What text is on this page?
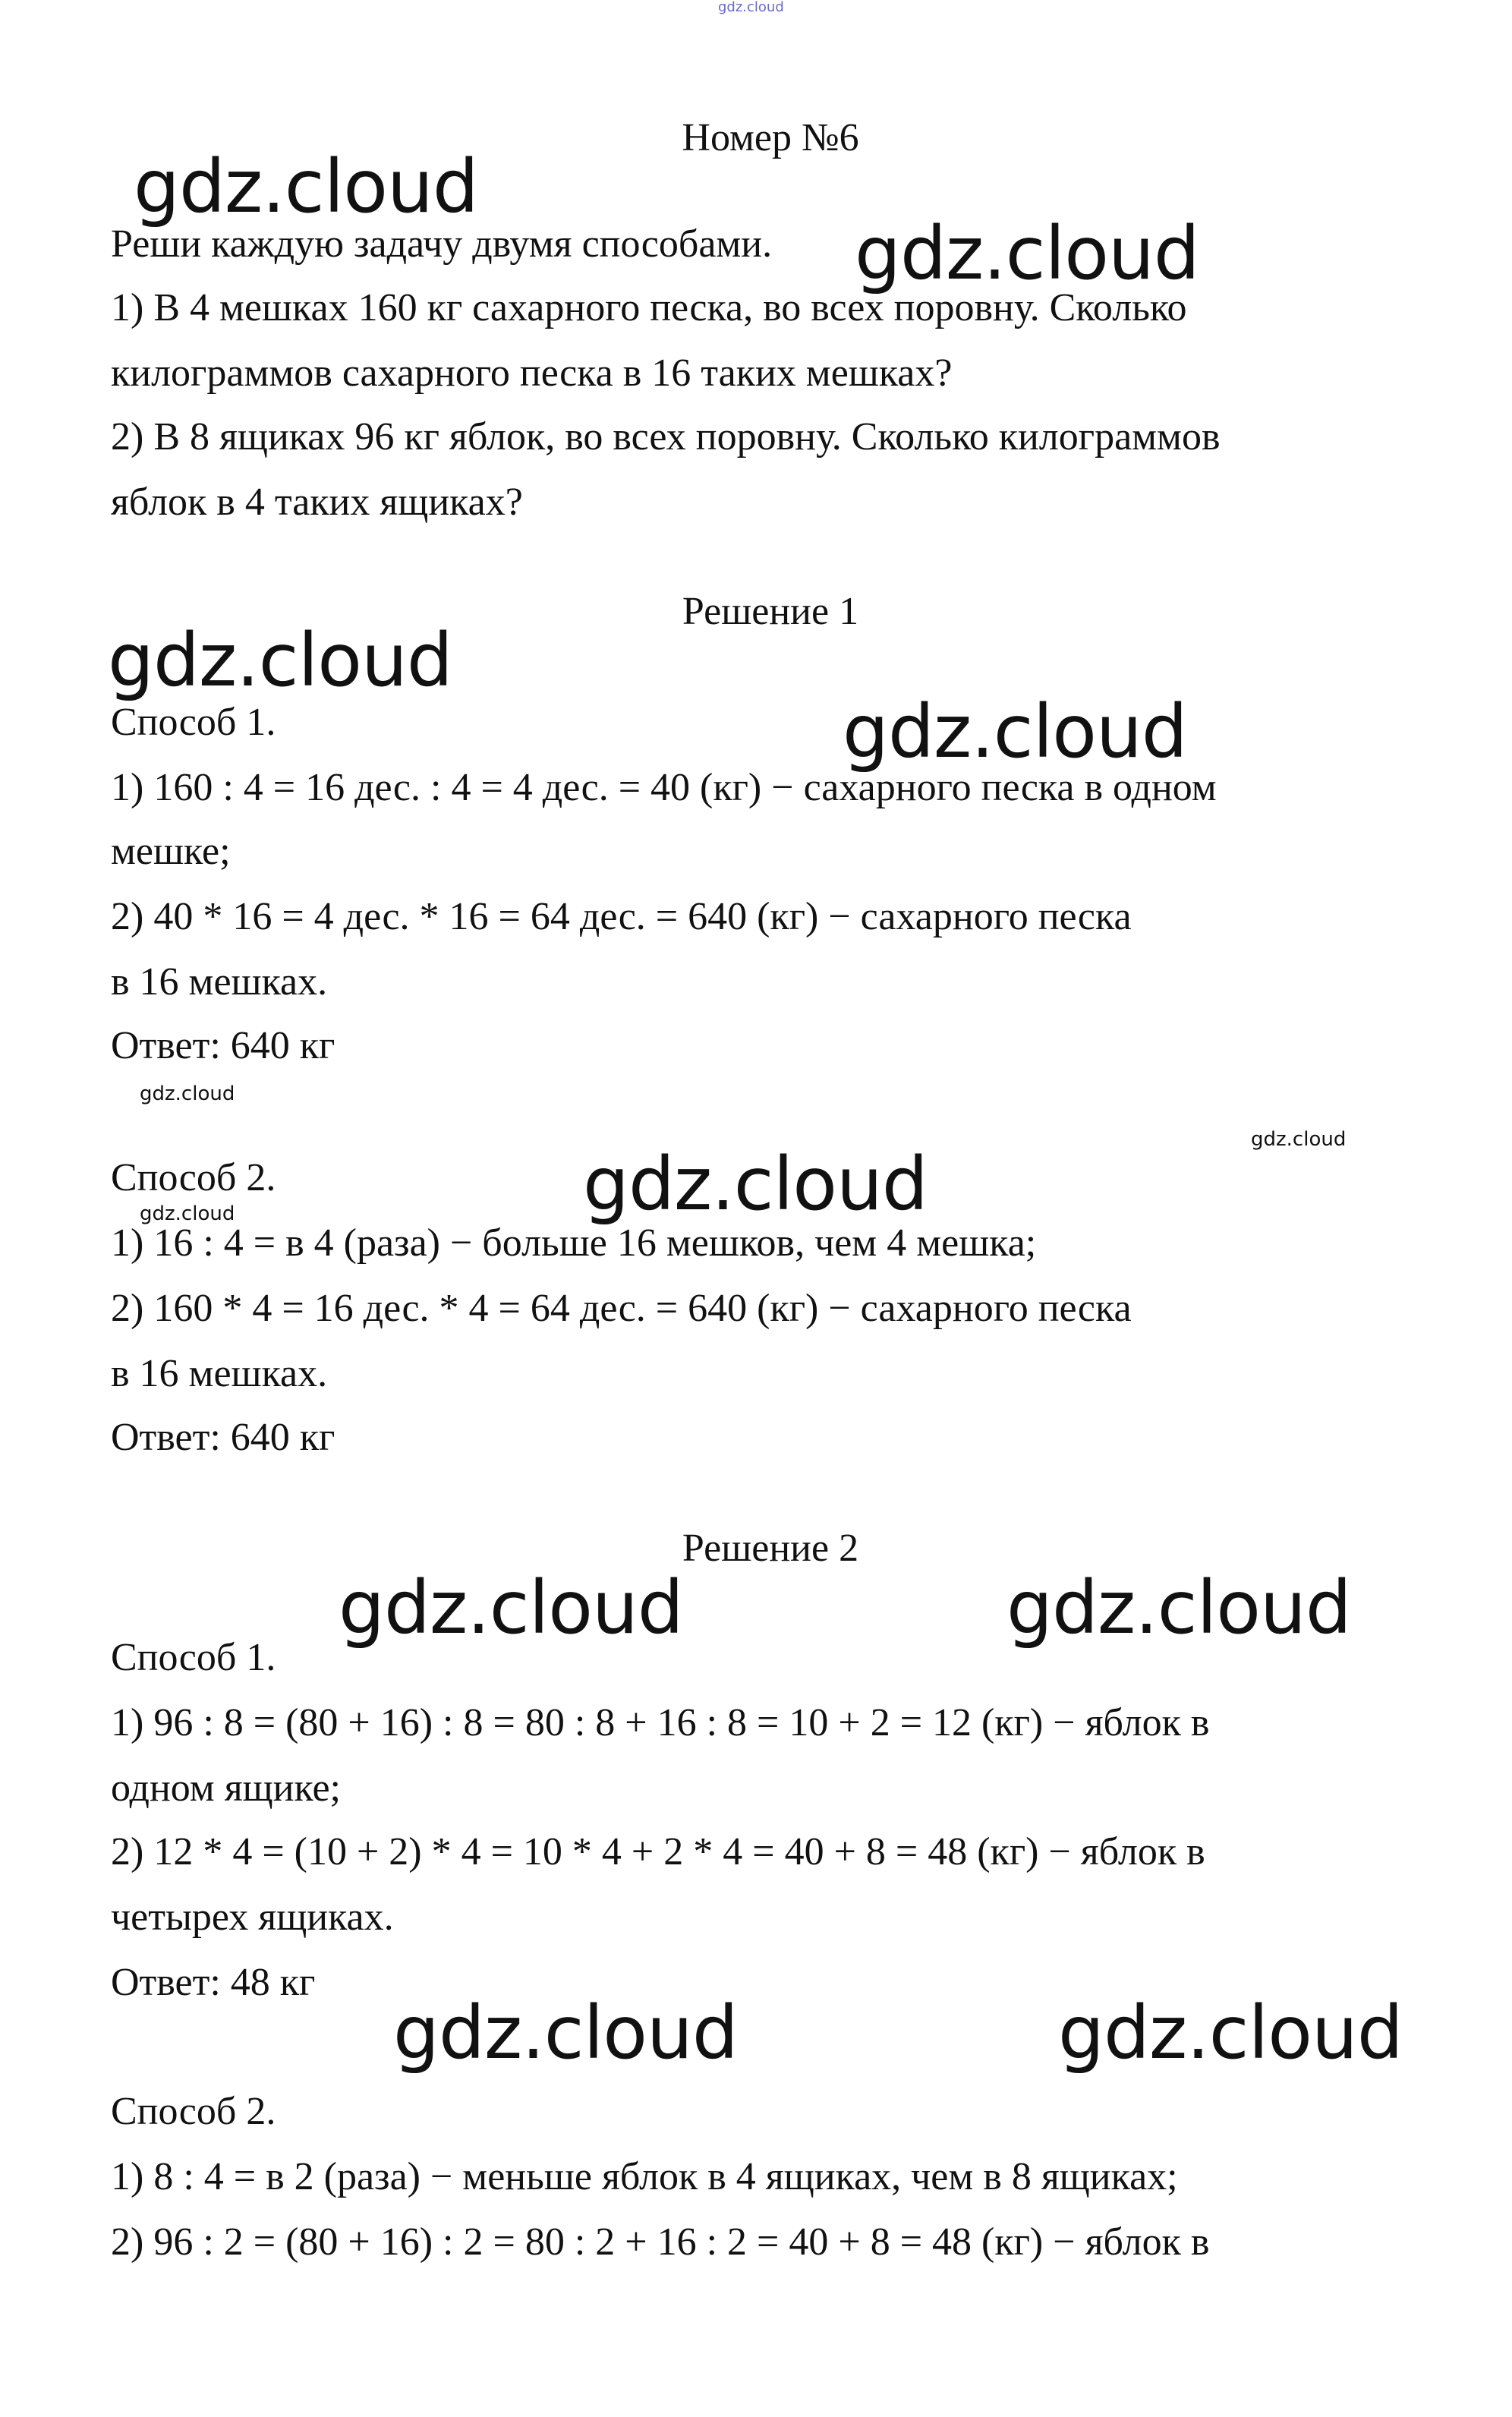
gdz.cloud
Номер №6
Реши каждую задачу двумя способами.
1) В 4 мешках 160 кг сахарного песка, во всех поровну. Сколько
килограммов сахарного песка в 16 таких мешках?
2) В 8 ящиках 96 кг яблок, во всех поровну. Сколько килограммов
яблок в 4 таких ящиках?
Решение 1
Способ 1.
1) 160 : 4 = 16 дес. : 4 = 4 дес. = 40 (кг) − сахарного песка в одном
мешке;
2) 40 * 16 = 4 дес. * 16 = 64 дес. = 640 (кг) − сахарного песка
в 16 мешках.
Ответ: 640 кг
Способ 2.
1) 16 : 4 = в 4 (раза) − больше 16 мешков, чем 4 мешка;
2) 160 * 4 = 16 дес. * 4 = 64 дес. = 640 (кг) − сахарного песка
в 16 мешках.
Ответ: 640 кг
Решение 2
Способ 1.
1) 96 : 8 = (80 + 16) : 8 = 80 : 8 + 16 : 8 = 10 + 2 = 12 (кг) − яблок в
одном ящике;
2) 12 * 4 = (10 + 2) * 4 = 10 * 4 + 2 * 4 = 40 + 8 = 48 (кг) − яблок в
четырех ящиках.
Ответ: 48 кг
Способ 2.
1) 8 : 4 = в 2 (раза) − меньше яблок в 4 ящиках, чем в 8 ящиках;
2) 96 : 2 = (80 + 16) : 2 = 80 : 2 + 16 : 2 = 40 + 8 = 48 (кг) − яблок в
gdz.cloud
gdz.cloud
gdz.cloud
gdz.cloud
gdz.cloud
gdz.cloud	gdz.cloud
gdz.cloud	gdz.cloud
gdz.cloud
gdz.cloud
gdz.cloud
